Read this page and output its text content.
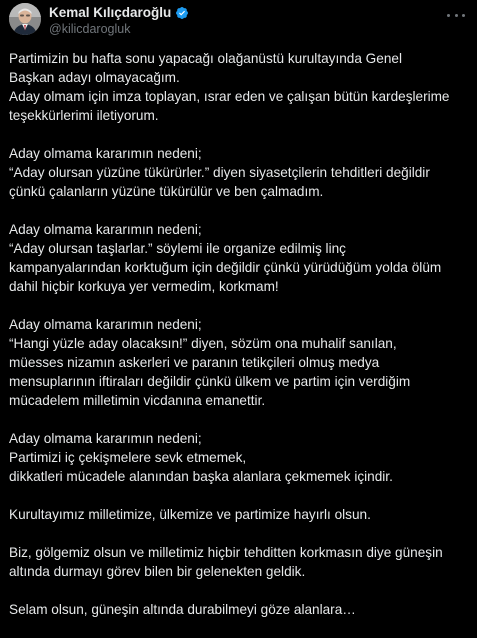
Kemal Kılıçdaroğlu
@kilicdarogluk
Partimizin bu hafta sonu yapacağı olağanüstü kurultayında Genel
Başkan adayı olmayacağım.
Aday olmam için imza toplayan, ısrar eden ve çalışan bütün kardeşlerime
teşekkürlerimi iletiyorum.
Aday olmama kararımın nedeni;
“Aday olursan yüzüne tükürürler.” diyen siyasetçilerin tehditleri değildir
çünkü çalanların yüzüne tükürülür ve ben çalmadım.
Aday olmama kararımın nedeni;
“Aday olursan taşlarlar.” söylemi ile organize edilmiş linç
kampanyalarından korktuğum için değildir çünkü yürüdüğüm yolda ölüm
dahil hiçbir korkuya yer vermedim, korkmam!
Aday olmama kararımın nedeni;
“Hangi yüzle aday olacaksın!” diyen, sözüm ona muhalif sanılan,
müesses nizamın askerleri ve paranın tetikçileri olmuş medya
mensuplarının iftiraları değildir çünkü ülkem ve partim için verdiğim
mücadelem milletimin vicdanına emanettir.
Aday olmama kararımın nedeni;
Partimizi iç çekişmelere sevk etmemek,
dikkatleri mücadele alanından başka alanlara çekmemek içindir.
Kurultayımız milletimize, ülkemize ve partimize hayırlı olsun.
Biz, gölgemiz olsun ve milletimiz hiçbir tehditten korkmasın diye güneşin
altında durmayı görev bilen bir gelenekten geldik.
Selam olsun, güneşin altında durabilmeyi göze alanlara…
